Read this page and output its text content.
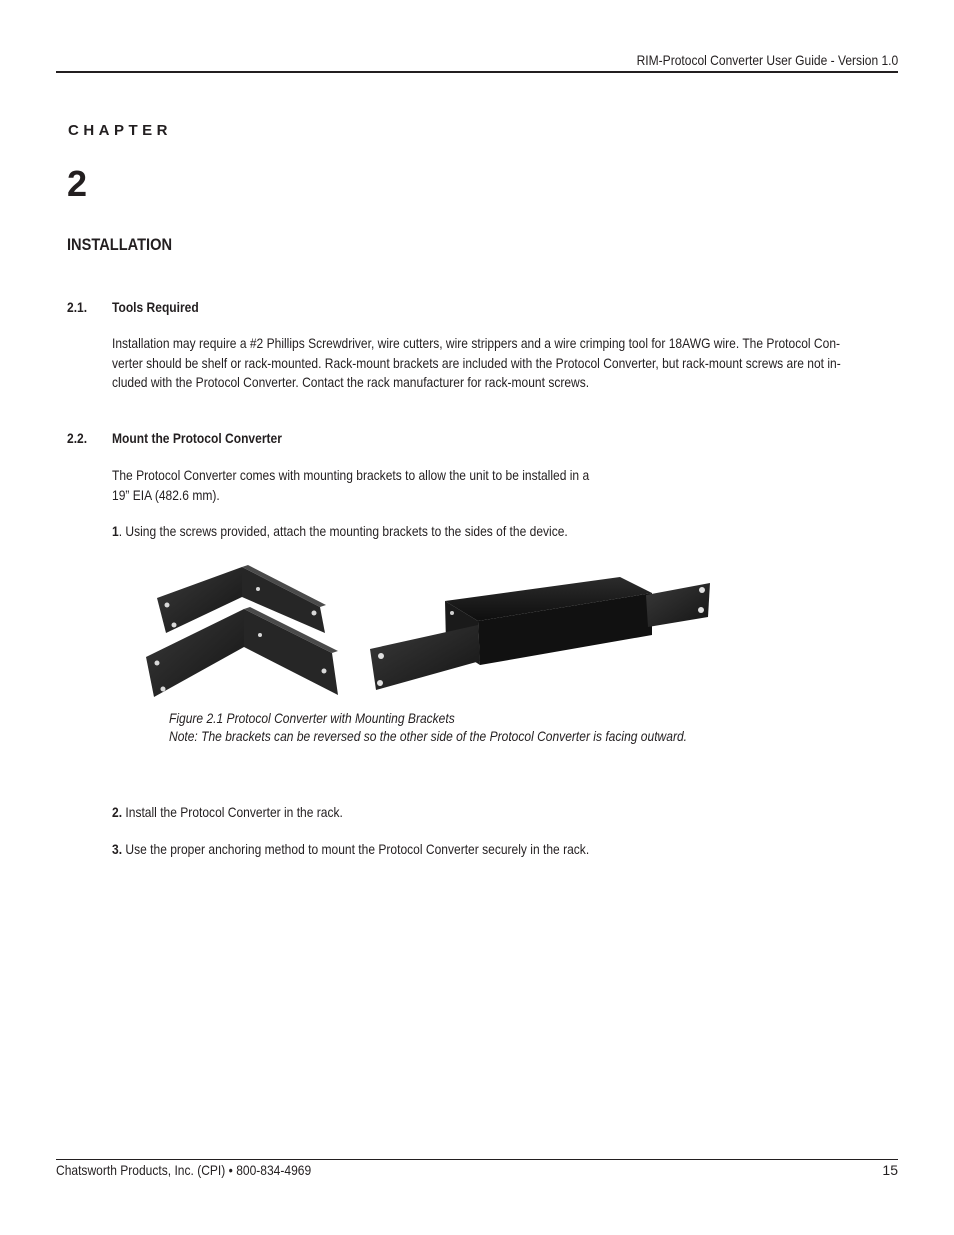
RIM-Protocol Converter User Guide - Version 1.0
CHAPTER
2
INSTALLATION
2.1. Tools Required
Installation may require a #2 Phillips Screwdriver, wire cutters, wire strippers and a wire crimping tool for 18AWG wire. The Protocol Con-
verter should be shelf or rack-mounted. Rack-mount brackets are included with the Protocol Converter, but rack-mount screws are not in-
cluded with the Protocol Converter. Contact the rack manufacturer for rack-mount screws.
2.2. Mount the Protocol Converter
The Protocol Converter comes with mounting brackets to allow the unit to be installed in a
19” EIA (482.6 mm).
1. Using the screws provided, attach the mounting brackets to the sides of the device.
Figure 2.1 Protocol Converter with Mounting Brackets
Note: The brackets can be reversed so the other side of the Protocol Converter is facing outward.
2. Install the Protocol Converter in the rack.
3. Use the proper anchoring method to mount the Protocol Converter securely in the rack.
Chatsworth Products, Inc. (CPI) • 800-834-4969	15
